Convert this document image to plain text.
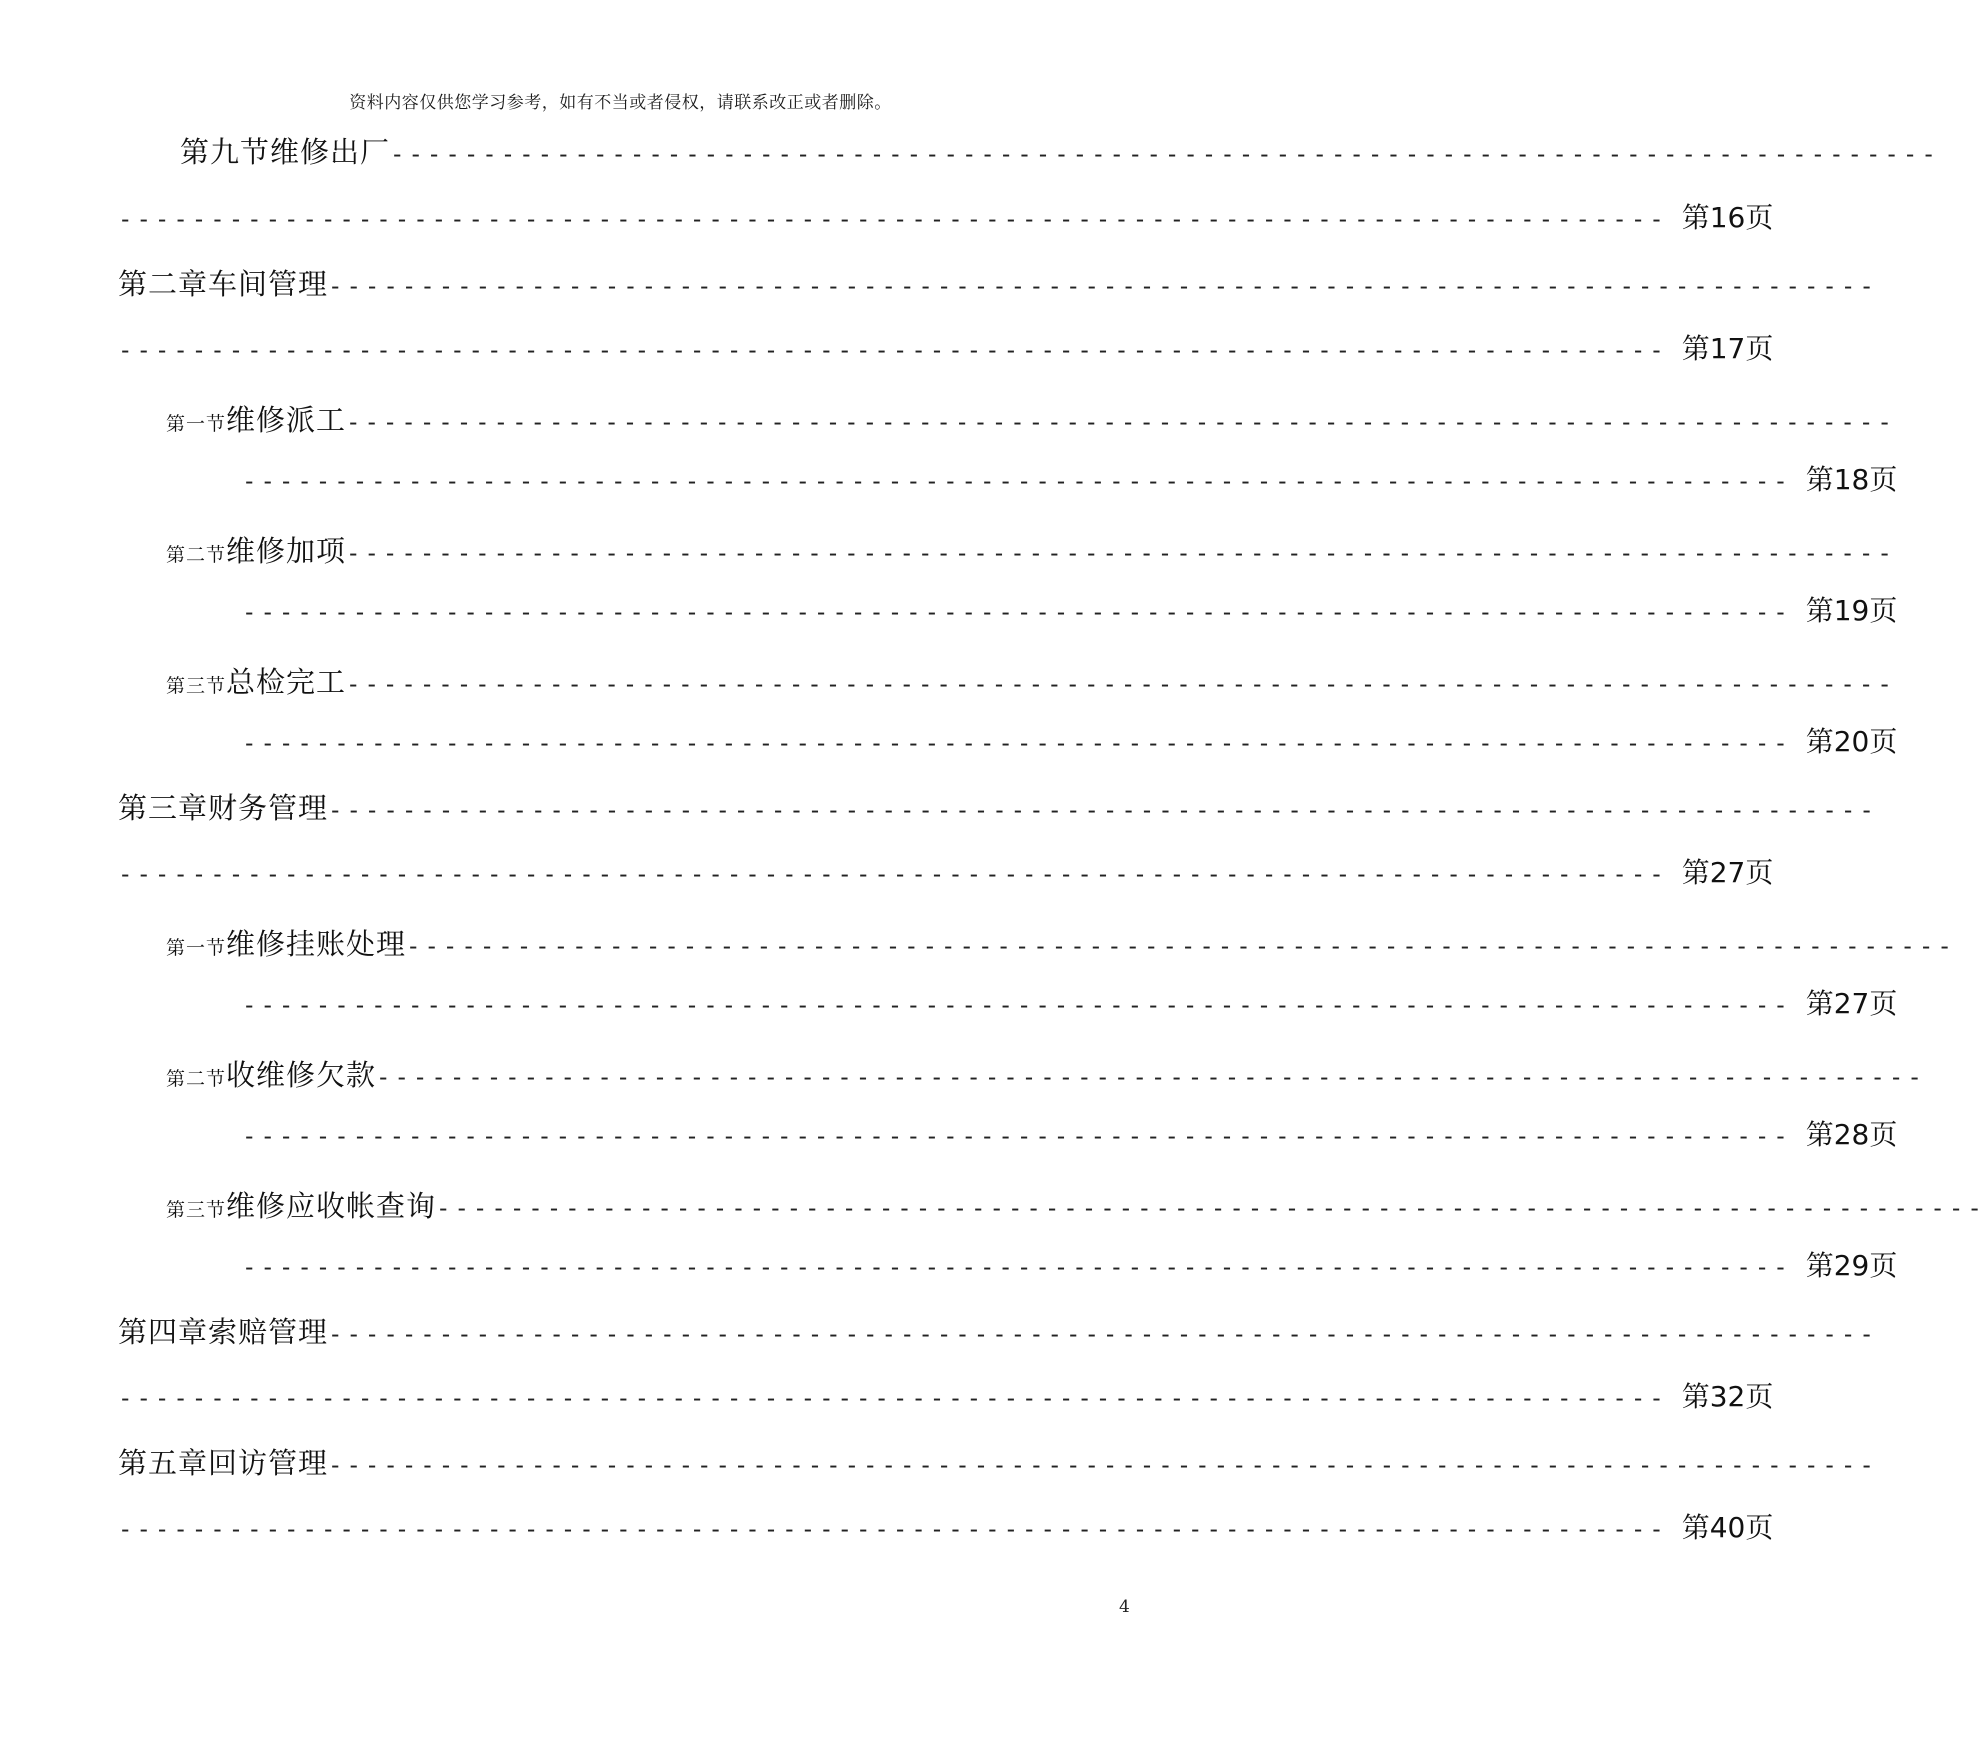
资料内容仅供您学习参考，如有不当或者侵权，请联系改正或者删除。
第九节 维修出厂 ------------------------------------------------------------------------------------
------------------------------------------------------------------------------------ 第16页
第二章 车间管理 ------------------------------------------------------------------------------------
------------------------------------------------------------------------------------ 第17页
第一节 维修派工 ------------------------------------------------------------------------------------
------------------------------------------------------------------------------------ 第18页
第二节 维修加项 ------------------------------------------------------------------------------------
------------------------------------------------------------------------------------ 第19页
第三节 总检完工 ------------------------------------------------------------------------------------
------------------------------------------------------------------------------------ 第20页
第三章 财务管理 ------------------------------------------------------------------------------------
------------------------------------------------------------------------------------ 第27页
第一节 维修挂账处理 ------------------------------------------------------------------------------------
------------------------------------------------------------------------------------ 第27页
第二节 收维修欠款 ------------------------------------------------------------------------------------
------------------------------------------------------------------------------------ 第28页
第三节 维修应收帐查询 ------------------------------------------------------------------------------------
------------------------------------------------------------------------------------ 第29页
第四章 索赔管理 ------------------------------------------------------------------------------------
------------------------------------------------------------------------------------ 第32页
第五章 回访管理 ------------------------------------------------------------------------------------
------------------------------------------------------------------------------------ 第40页
4
